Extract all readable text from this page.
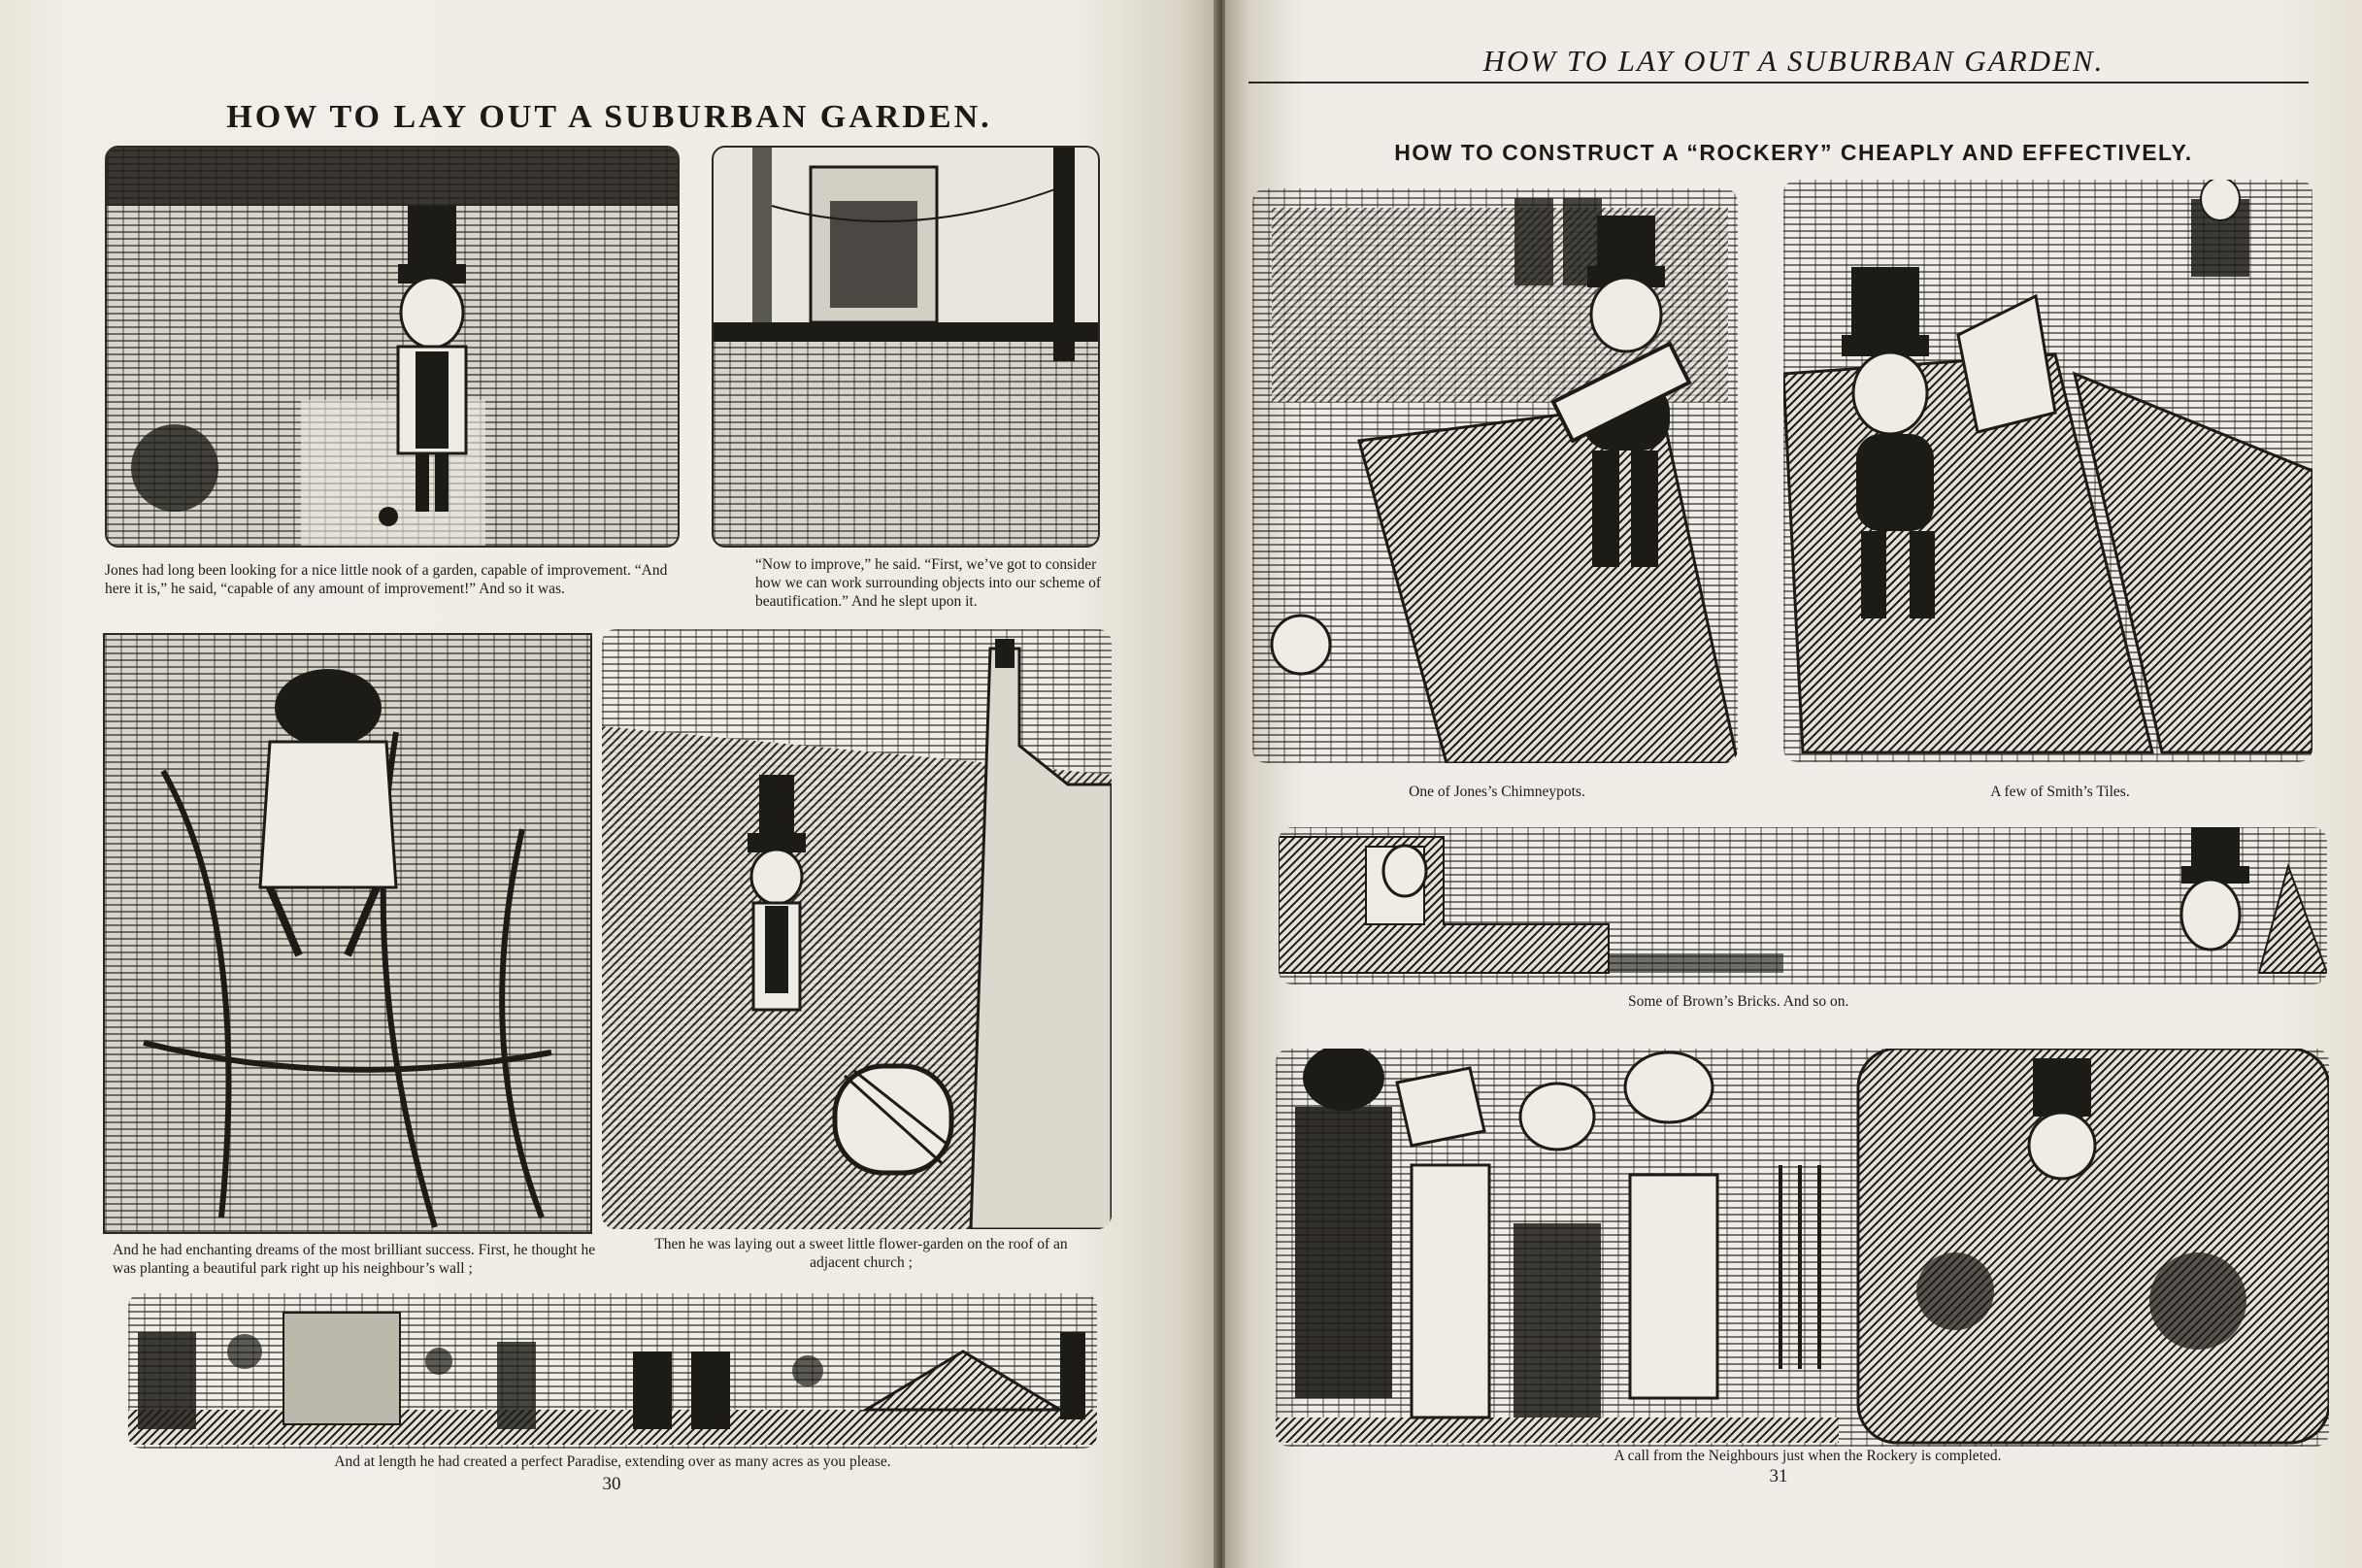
HOW TO LAY OUT A SUBURBAN GARDEN.

Jones had long been looking for a nice little nook of a garden, capable of improvement. “And here it is,” he said, “capable of any amount of improvement!” And so it was.

“Now to improve,” he said. “First, we’ve got to consider how we can work surrounding objects into our scheme of beautification.” And he slept upon it.

And he had enchanting dreams of the most brilliant success. First, he thought he was planting a beautiful park right up his neighbour’s wall ;

Then he was laying out a sweet little flower-garden on the roof of an adjacent church ;

And at length he had created a perfect Paradise, extending over as many acres as you please.

30

HOW TO LAY OUT A SUBURBAN GARDEN.

HOW TO CONSTRUCT A “ROCKERY” CHEAPLY AND EFFECTIVELY.

One of Jones’s Chimneypots.	A few of Smith’s Tiles.

Some of Brown’s Bricks. And so on.

A call from the Neighbours just when the Rockery is completed.

31
